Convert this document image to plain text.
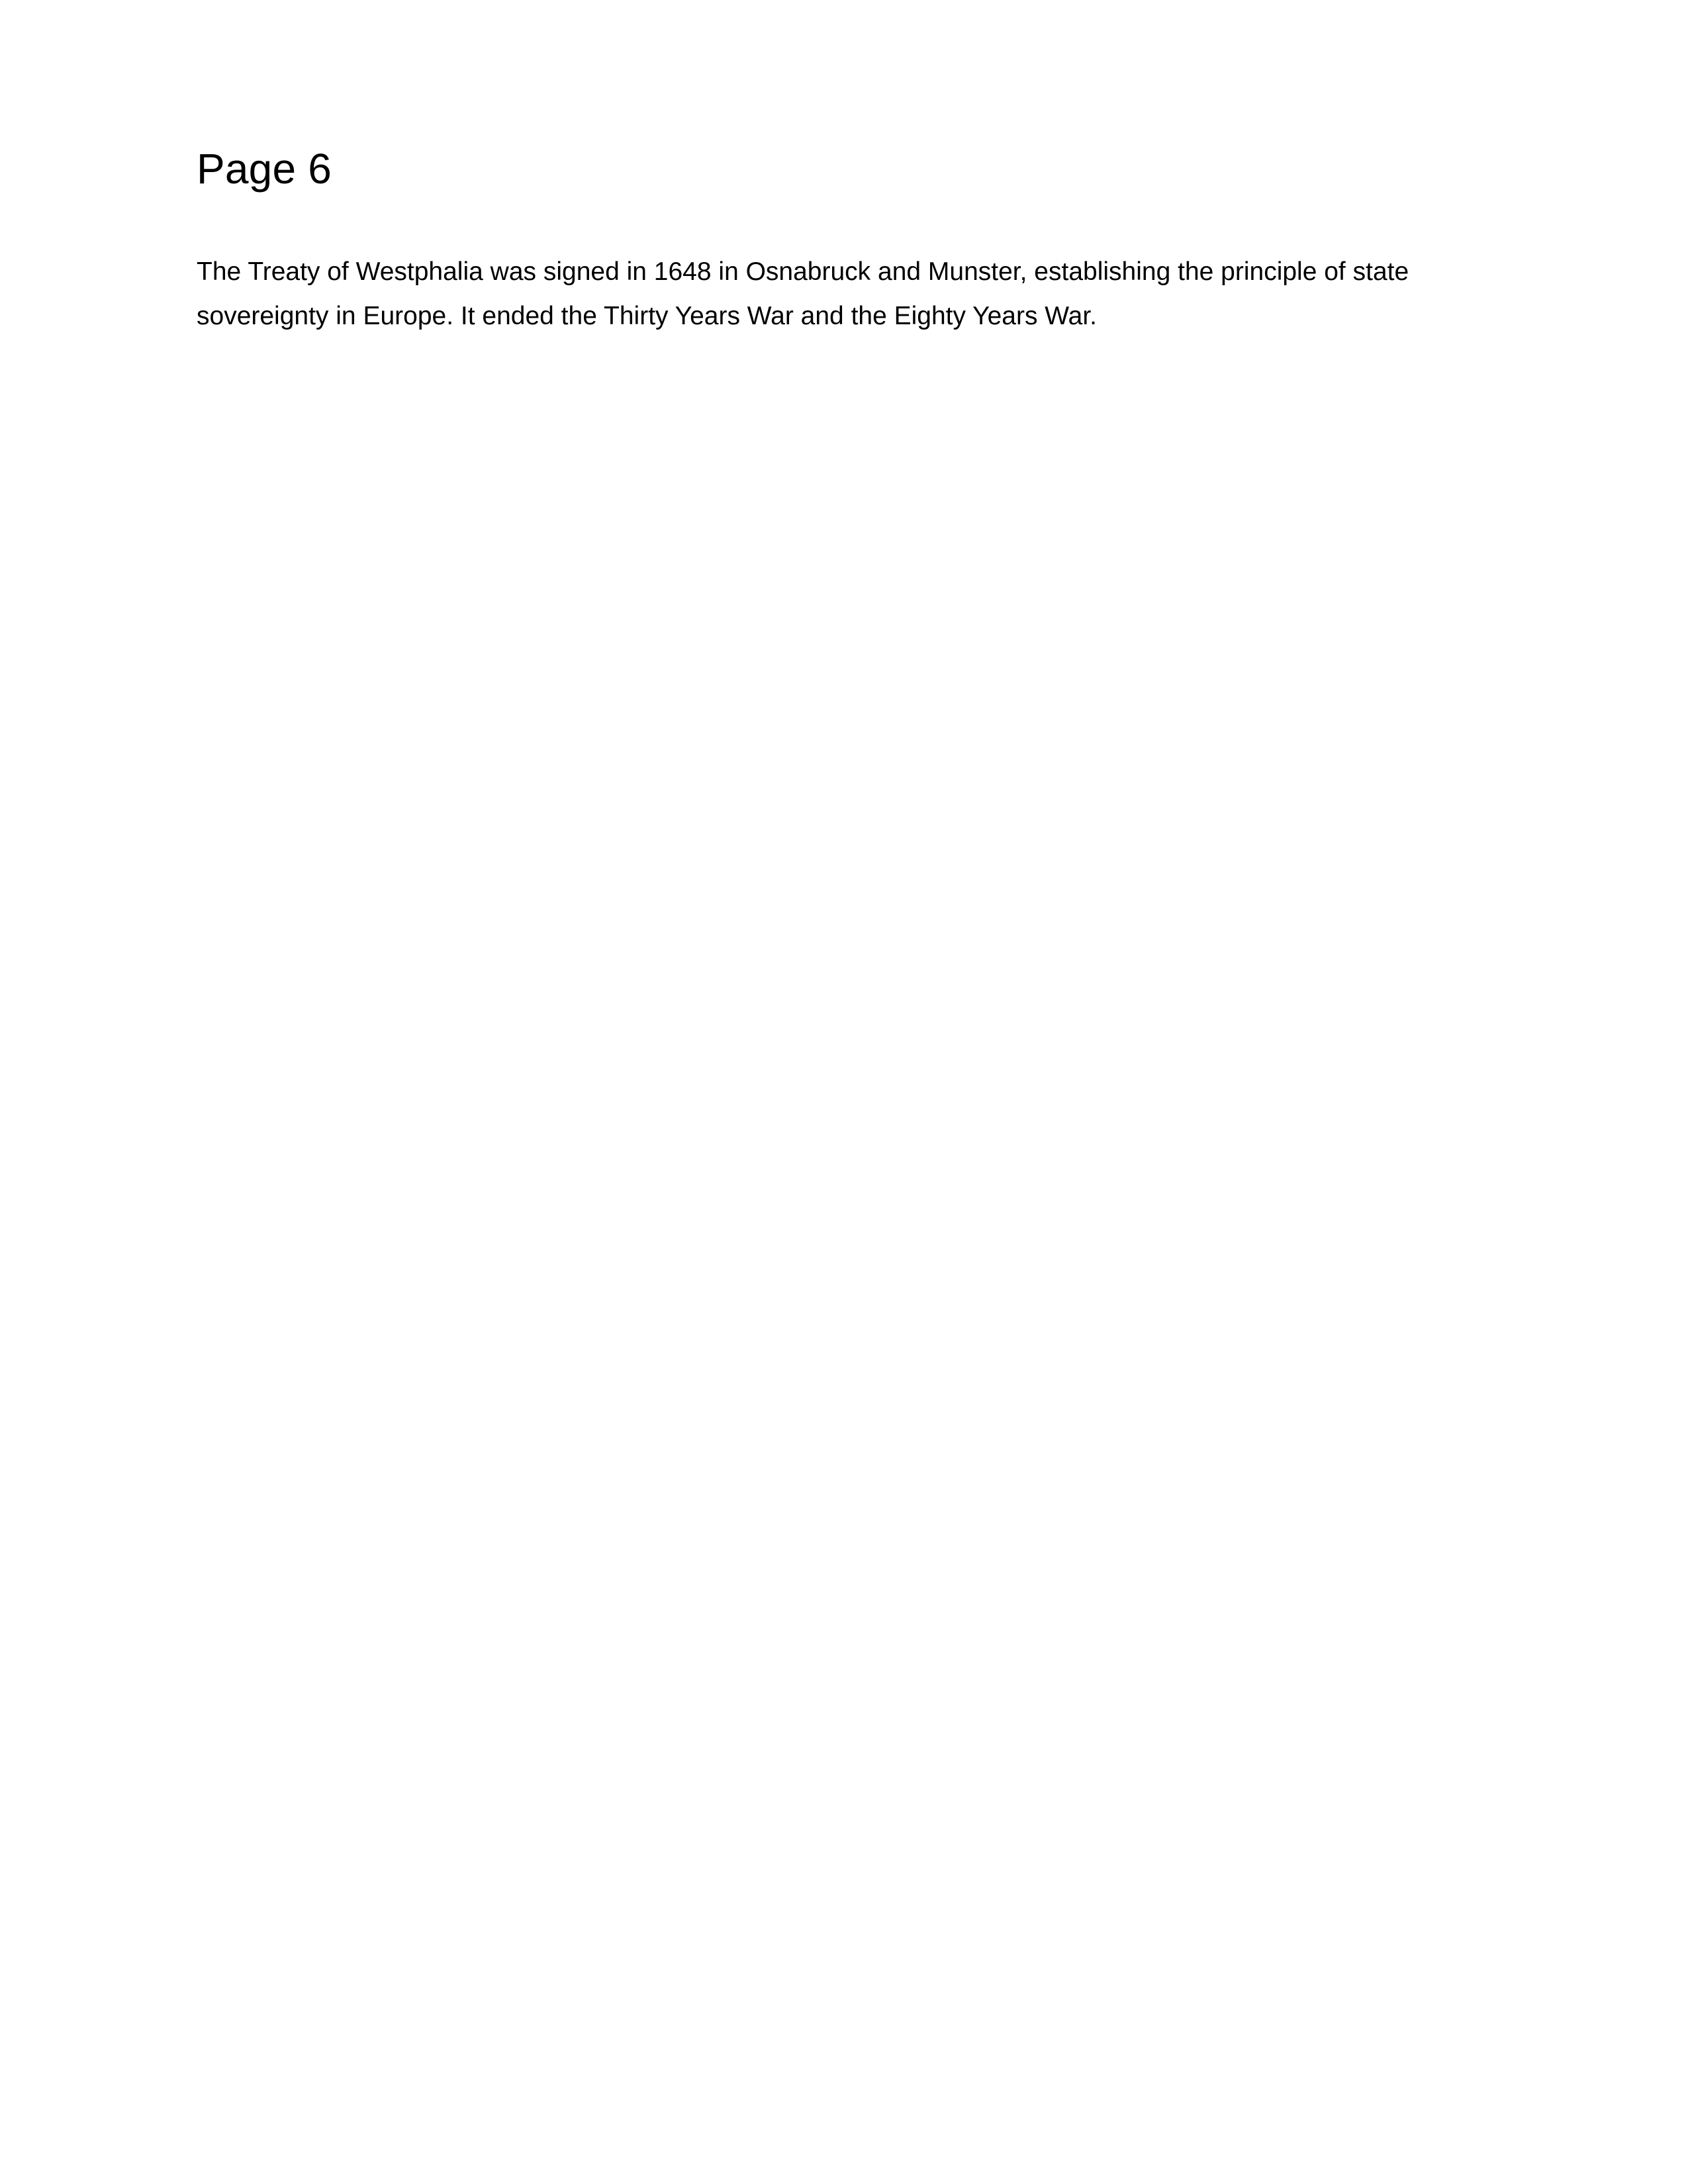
Page 6

The Treaty of Westphalia was signed in 1648 in Osnabruck and Munster, establishing the principle of state sovereignty in Europe. It ended the Thirty Years War and the Eighty Years War.
